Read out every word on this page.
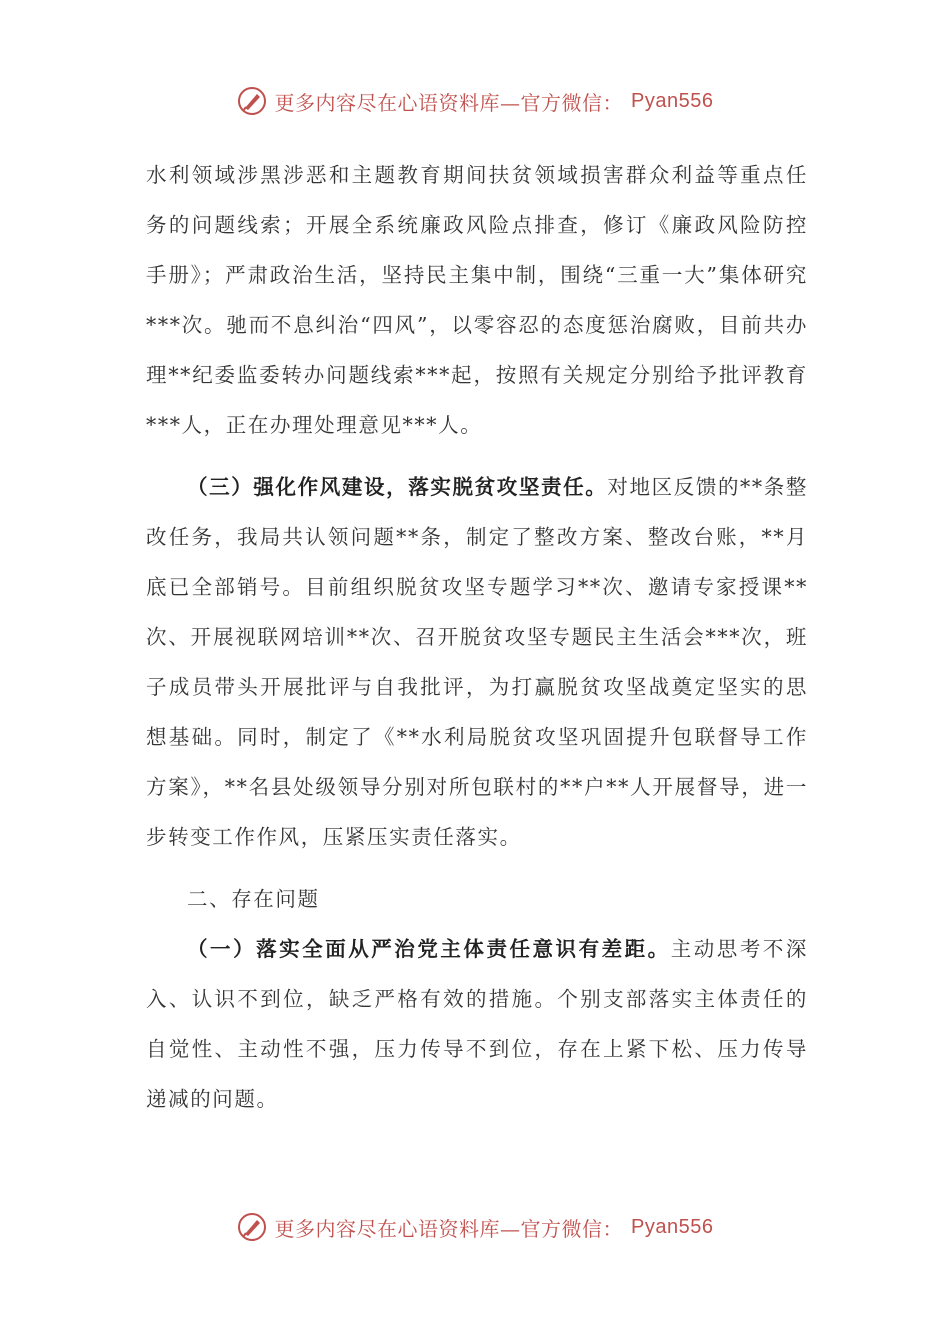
更多内容尽在心语资料库—官方微信： Pyan556

水利领域涉黑涉恶和主题教育期间扶贫领域损害群众利益等重点任务的问题线索；开展全系统廉政风险点排查，修订《廉政风险防控手册》；严肃政治生活，坚持民主集中制，围绕“三重一大”集体研究***次。驰而不息纠治“四风”，以零容忍的态度惩治腐败，目前共办理**纪委监委转办问题线索***起，按照有关规定分别给予批评教育***人，正在办理处理意见***人。

（三）强化作风建设，落实脱贫攻坚责任。对地区反馈的**条整改任务，我局共认领问题**条，制定了整改方案、整改台账，**月底已全部销号。目前组织脱贫攻坚专题学习**次、邀请专家授课**次、开展视联网培训**次、召开脱贫攻坚专题民主生活会***次，班子成员带头开展批评与自我批评，为打赢脱贫攻坚战奠定坚实的思想基础。同时，制定了《**水利局脱贫攻坚巩固提升包联督导工作方案》，**名县处级领导分别对所包联村的**户**人开展督导，进一步转变工作作风，压紧压实责任落实。

二、存在问题

（一）落实全面从严治党主体责任意识有差距。主动思考不深入、认识不到位，缺乏严格有效的措施。个别支部落实主体责任的自觉性、主动性不强，压力传导不到位，存在上紧下松、压力传导递减的问题。

更多内容尽在心语资料库—官方微信： Pyan556
